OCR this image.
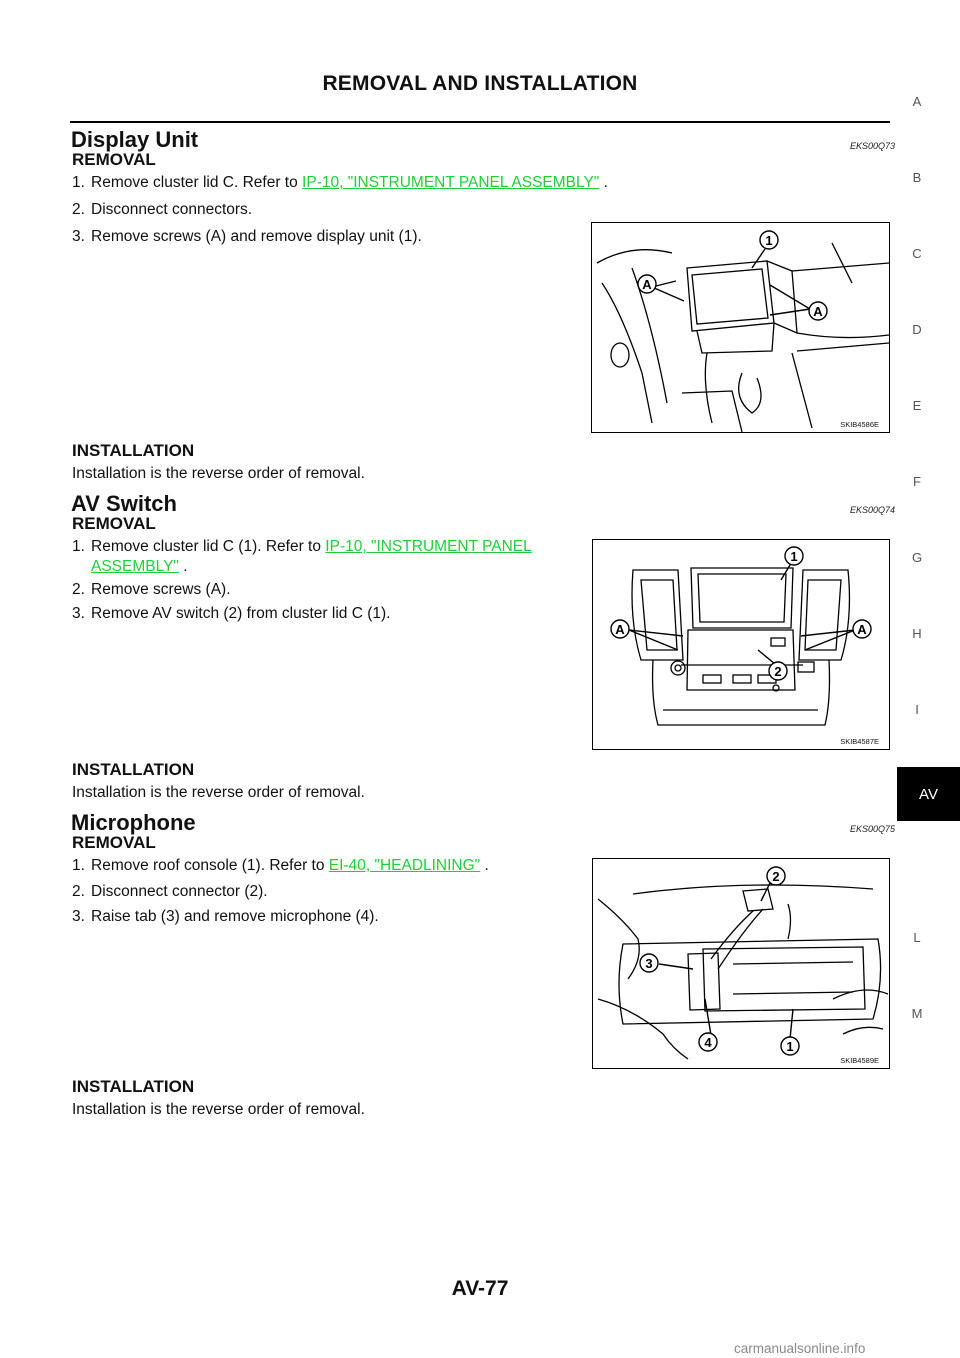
REMOVAL AND INSTALLATION
A
B
C
D
E
F
G
H
I
AV
L
M
Display Unit	EKS00Q73
REMOVAL
1. Remove cluster lid C. Refer to IP-10, "INSTRUMENT PANEL ASSEMBLY" .
2. Disconnect connectors.
3. Remove screws (A) and remove display unit (1).	1
A
A
SKIB4586E
INSTALLATION
Installation is the reverse order of removal.
AV Switch	EKS00Q74
REMOVAL
1. Remove cluster lid C (1). Refer to IP-10, "INSTRUMENT PANEL
ASSEMBLY" .
2. Remove screws (A).
3. Remove AV switch (2) from cluster lid C (1).
1
A	A
2
SKIB4587E
INSTALLATION
Installation is the reverse order of removal.
Microphone	EKS00Q75
REMOVAL
1. Remove roof console (1). Refer to EI-40, "HEADLINING" .
2. Disconnect connector (2).
3. Raise tab (3) and remove microphone (4).
2
3
4	1
SKIB4589E
INSTALLATION
Installation is the reverse order of removal.
AV-77
carmanualsonline.info
